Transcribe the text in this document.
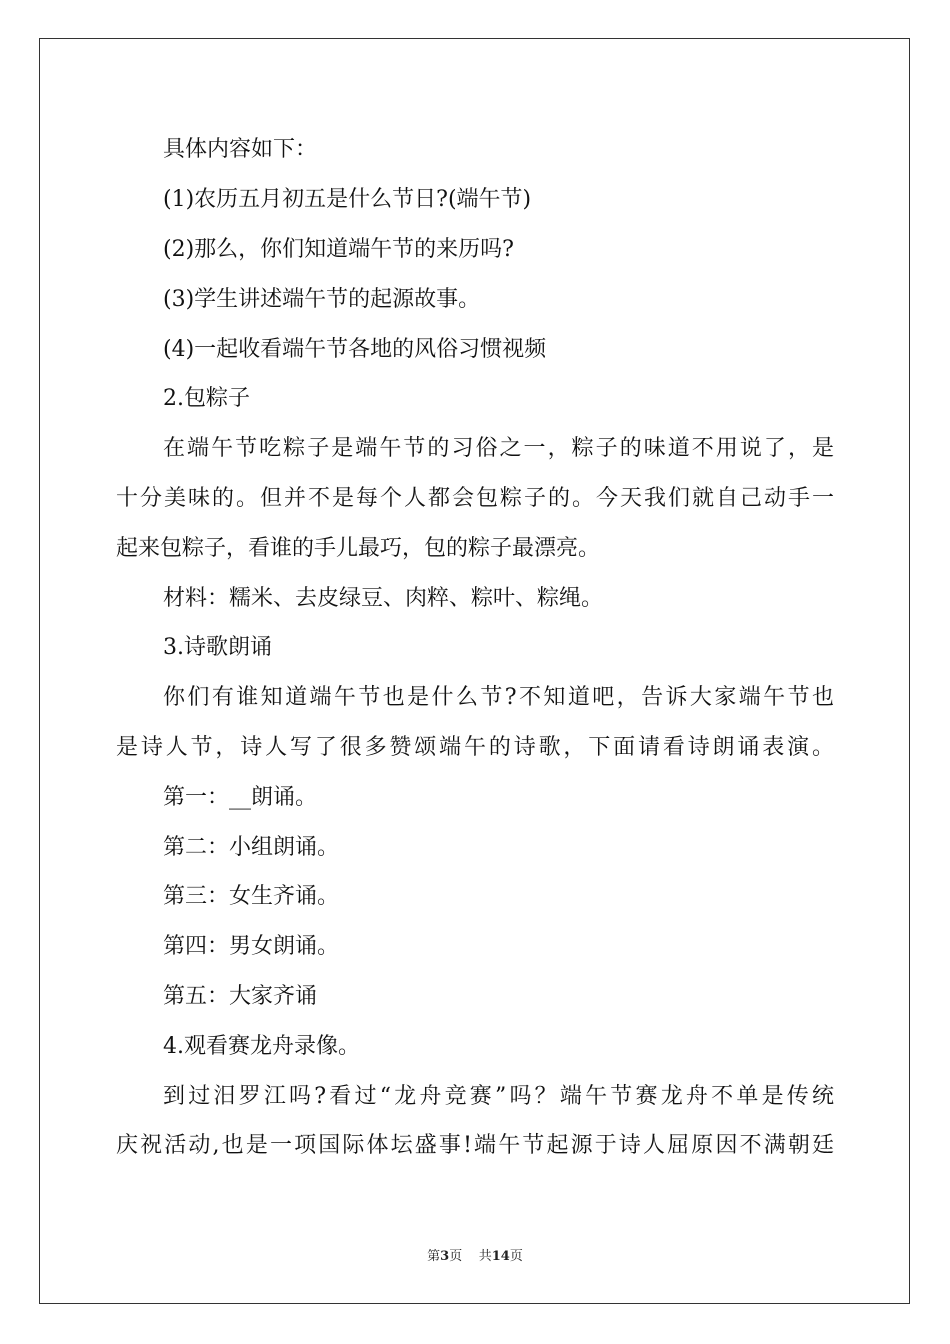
具体内容如下：
(1)农历五月初五是什么节日?(端午节)
(2)那么，你们知道端午节的来历吗?
(3)学生讲述端午节的起源故事。
(4)一起收看端午节各地的风俗习惯视频
2.包粽子
在端午节吃粽子是端午节的习俗之一，粽子的味道不用说了，是
十分美味的。但并不是每个人都会包粽子的。今天我们就自己动手一
起来包粽子，看谁的手儿最巧，包的粽子最漂亮。
材料：糯米、去皮绿豆、肉粹、粽叶、粽绳。
3.诗歌朗诵
你们有谁知道端午节也是什么节?不知道吧，告诉大家端午节也
是诗人节，诗人写了很多赞颂端午的诗歌，下面请看诗朗诵表演。
第一：__朗诵。
第二：小组朗诵。
第三：女生齐诵。
第四：男女朗诵。
第五：大家齐诵
4.观看赛龙舟录像。
到过汨罗江吗?看过“龙舟竞赛”吗？端午节赛龙舟不单是传统
庆祝活动,也是一项国际体坛盛事!端午节起源于诗人屈原因不满朝廷
第3页 共14页
